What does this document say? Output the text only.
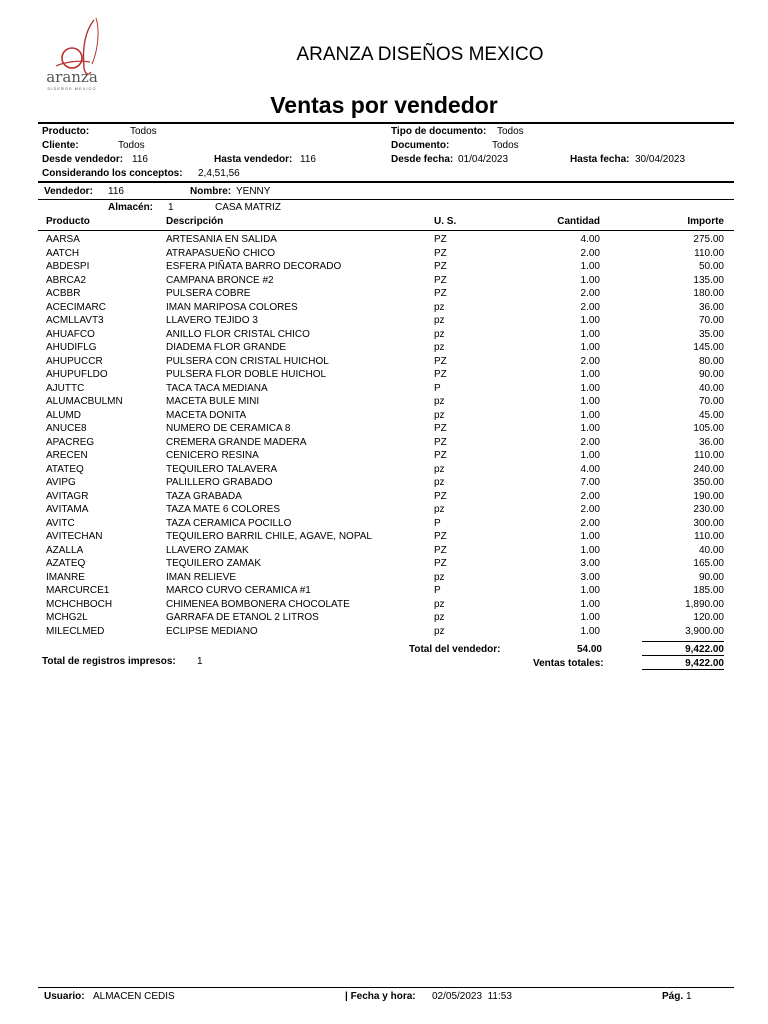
aranza
DISEÑOS MEXICO
ARANZA DISEÑOS MEXICO
Ventas por vendedor
Producto:	Todos
Cliente:	Todos
Desde vendedor: 116	Hasta vendedor: 116
Considerando los conceptos: 2,4,51,56
Tipo de documento: Todos
Documento:	Todos
Desde fecha: 01/04/2023	Hasta fecha: 30/04/2023
Vendedor: 116	Nombre: YENNY
Almacén: 1	CASA MATRIZ
Producto	Descripción	U. S.	Cantidad	Importe
AARSA	ARTESANIA EN SALIDA	PZ	4.00	275.00
AATCH	ATRAPASUEÑO CHICO	PZ	2.00	110.00
ABDESPI	ESFERA PIÑATA BARRO DECORADO	PZ	1.00	50.00
ABRCA2	CAMPANA BRONCE #2	PZ	1.00	135.00
ACBBR	PULSERA COBRE	PZ	2.00	180.00
ACECIMARC	IMAN MARIPOSA COLORES	pz	2.00	36.00
ACMLLAVT3	LLAVERO TEJIDO 3	pz	1.00	70.00
AHUAFCO	ANILLO FLOR CRISTAL CHICO	pz	1.00	35.00
AHUDIFLG	DIADEMA FLOR GRANDE	pz	1.00	145.00
AHUPUCCR	PULSERA CON CRISTAL HUICHOL	PZ	2.00	80.00
AHUPUFLDO	PULSERA FLOR DOBLE HUICHOL	PZ	1.00	90.00
AJUTTC	TACA TACA MEDIANA	P	1.00	40.00
ALUMACBULMN	MACETA BULE MINI	pz	1.00	70.00
ALUMD	MACETA DONITA	pz	1.00	45.00
ANUCE8	NUMERO DE CERAMICA 8	PZ	1.00	105.00
APACREG	CREMERA GRANDE MADERA	PZ	2.00	36.00
ARECEN	CENICERO RESINA	PZ	1.00	110.00
ATATEQ	TEQUILERO TALAVERA	pz	4.00	240.00
AVIPG	PALILLERO GRABADO	pz	7.00	350.00
AVITAGR	TAZA GRABADA	PZ	2.00	190.00
AVITAMA	TAZA MATE 6 COLORES	pz	2.00	230.00
AVITC	TAZA CERAMICA POCILLO	P	2.00	300.00
AVITECHAN	TEQUILERO BARRIL CHILE, AGAVE, NOPAL	PZ	1.00	110.00
AZALLA	LLAVERO ZAMAK	PZ	1.00	40.00
AZATEQ	TEQUILERO ZAMAK	PZ	3.00	165.00
IMANRE	IMAN RELIEVE	pz	3.00	90.00
MARCURCE1	MARCO CURVO CERAMICA #1	P	1.00	185.00
MCHCHBOCH	CHIMENEA BOMBONERA CHOCOLATE	pz	1.00	1,890.00
MCHG2L	GARRAFA DE ETANOL 2 LITROS	pz	1.00	120.00
MILECLMED	ECLIPSE MEDIANO	pz	1.00	3,900.00
Total del vendedor:	54.00	9,422.00
Total de registros impresos: 1	Ventas totales:	9,422.00
Usuario: ALMACEN CEDIS	| Fecha y hora: 02/05/2023  11:53	Pág. 1
